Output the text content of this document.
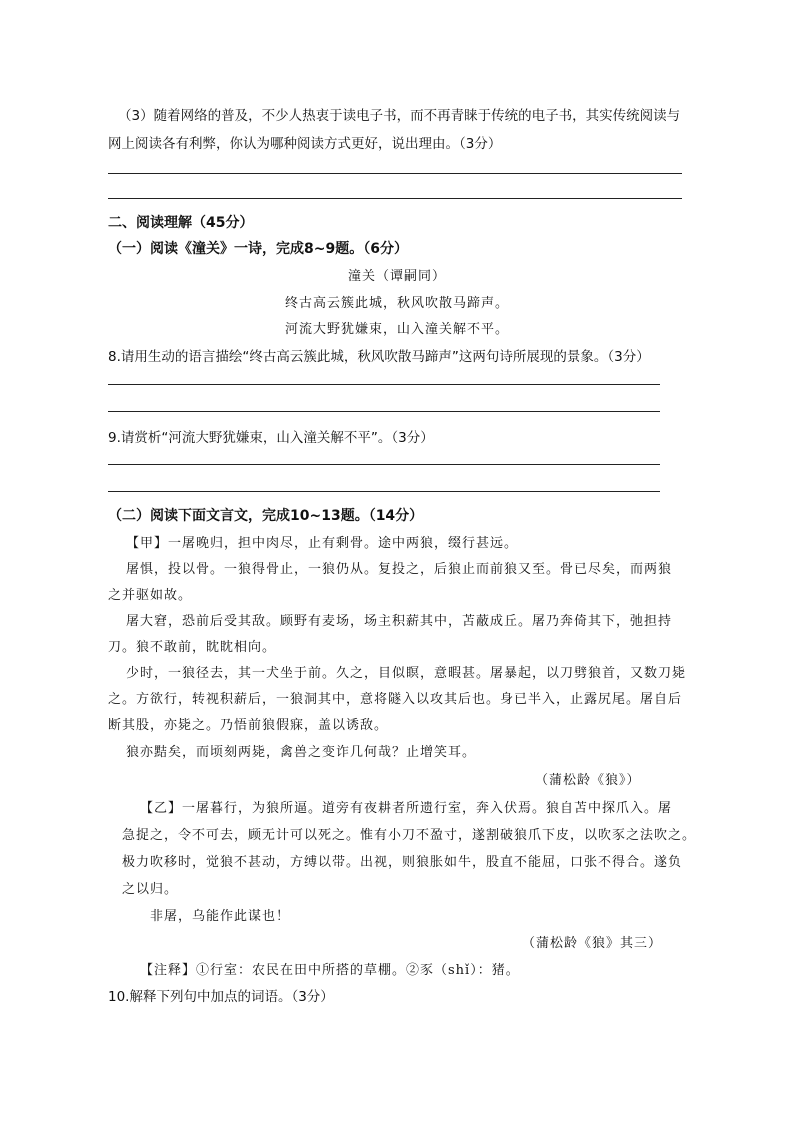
（3）随着网络的普及，不少人热衷于读电子书，而不再青睐于传统的电子书，其实传统阅读与
网上阅读各有利弊，你认为哪种阅读方式更好，说出理由。（3分）
二、阅读理解（45分）
（一）阅读《潼关》一诗，完成8~9题。（6分）
潼关（谭嗣同）
终古高云簇此城，秋风吹散马蹄声。
河流大野犹嫌束，山入潼关解不平。
8.请用生动的语言描绘“终古高云簇此城，秋风吹散马蹄声”这两句诗所展现的景象。（3分）
9.请赏析“河流大野犹嫌束，山入潼关解不平”。（3分）
（二）阅读下面文言文，完成10~13题。（14分）
【甲】一屠晚归，担中肉尽，止有剩骨。途中两狼，缀行甚远。
屠惧，投以骨。一狼得骨止，一狼仍从。复投之，后狼止而前狼又至。骨已尽矣，而两狼
之并驱如故。
屠大窘，恐前后受其敌。顾野有麦场，场主积薪其中，苫蔽成丘。屠乃奔倚其下，弛担持
刀。狼不敢前，眈眈相向。
少时，一狼径去，其一犬坐于前。久之，目似瞑，意暇甚。屠暴起，以刀劈狼首，又数刀毙
之。方欲行，转视积薪后，一狼洞其中，意将隧入以攻其后也。身已半入，止露尻尾。屠自后
断其股，亦毙之。乃悟前狼假寐，盖以诱敌。
狼亦黠矣，而顷刻两毙，禽兽之变诈几何哉？止增笑耳。
（蒲松龄《狼》）
【乙】一屠暮行，为狼所逼。道旁有夜耕者所遗行室，奔入伏焉。狼自苫中探爪入。屠
急捉之，令不可去，顾无计可以死之。惟有小刀不盈寸，遂割破狼爪下皮，以吹豕之法吹之。
极力吹移时，觉狼不甚动，方缚以带。出视，则狼胀如牛，股直不能屈，口张不得合。遂负
之以归。
非屠，乌能作此谋也！
（蒲松龄《狼》其三）
【注释】①行室：农民在田中所搭的草棚。②豕（shǐ）：猪。
10.解释下列句中加点的词语。（3分）
